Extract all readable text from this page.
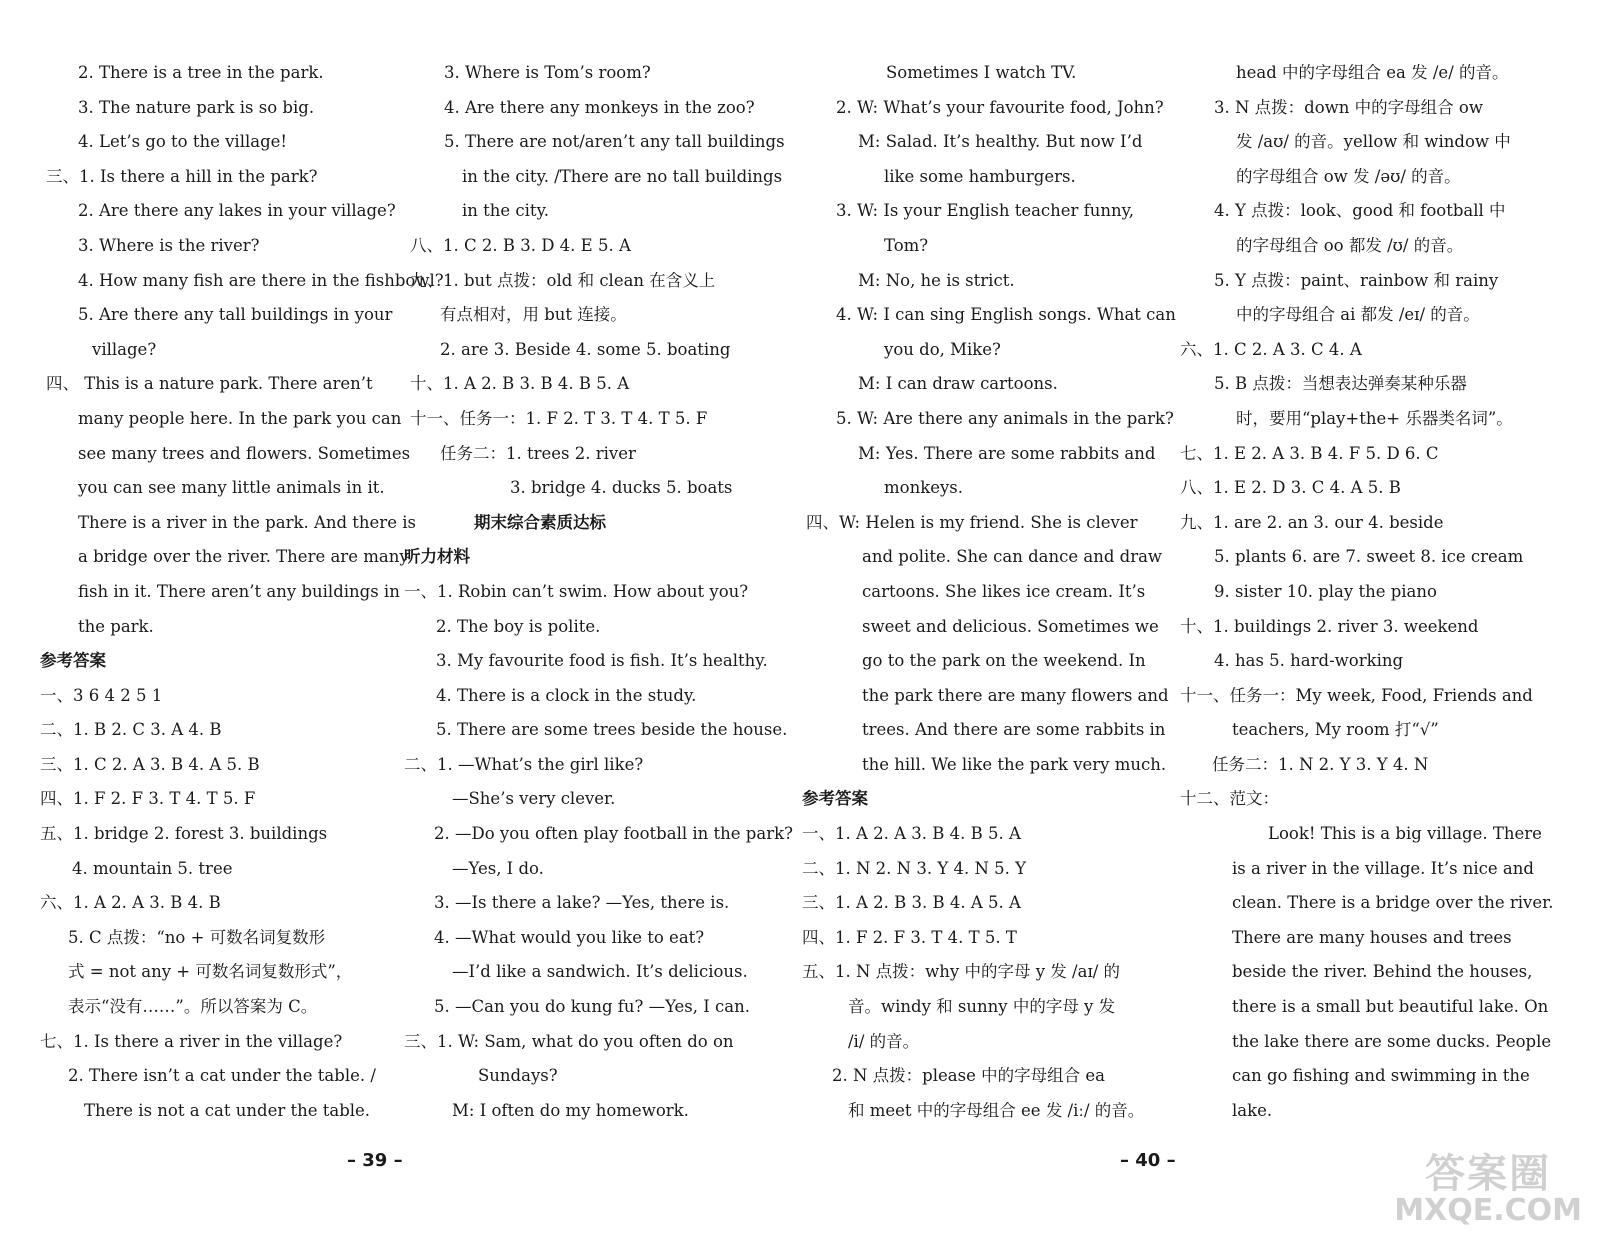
2. There is a tree in the park.
3. The nature park is so big.
4. Let’s go to the village!
三、1. Is there a hill in the park?
2. Are there any lakes in your village?
3. Where is the river?
4. How many fish are there in the fishbowl?
5. Are there any tall buildings in your
village?
四、 This is a nature park. There aren’t
many people here. In the park you can
see many trees and flowers. Sometimes
you can see many little animals in it.
There is a river in the park. And there is
a bridge over the river. There are many
fish in it. There aren’t any buildings in
the park.
参考答案
一、3 6 4 2 5 1
二、1. B 2. C 3. A 4. B
三、1. C 2. A 3. B 4. A 5. B
四、1. F 2. F 3. T 4. T 5. F
五、1. bridge 2. forest 3. buildings
4. mountain 5. tree
六、1. A 2. A 3. B 4. B
5. C 点拨：“no + 可数名词复数形
式 = not any + 可数名词复数形式”，
表示“没有……”。所以答案为 C。
七、1. Is there a river in the village?
2. There isn’t a cat under the table. /
There is not a cat under the table.
3. Where is Tom’s room?
4. Are there any monkeys in the zoo?
5. There are not/aren’t any tall buildings
in the city. /There are no tall buildings
in the city.
八、1. C 2. B 3. D 4. E 5. A
九、1. but 点拨：old 和 clean 在含义上
有点相对，用 but 连接。
2. are 3. Beside 4. some 5. boating
十、1. A 2. B 3. B 4. B 5. A
十一、任务一：1. F 2. T 3. T 4. T 5. F
任务二：1. trees 2. river
3. bridge 4. ducks 5. boats
期末综合素质达标
听力材料
一、1. Robin can’t swim. How about you?
2. The boy is polite.
3. My favourite food is fish. It’s healthy.
4. There is a clock in the study.
5. There are some trees beside the house.
二、1. —What’s the girl like?
—She’s very clever.
2. —Do you often play football in the park?
—Yes, I do.
3. —Is there a lake? —Yes, there is.
4. —What would you like to eat?
—I’d like a sandwich. It’s delicious.
5. —Can you do kung fu? —Yes, I can.
三、1. W: Sam, what do you often do on
Sundays?
M: I often do my homework.
Sometimes I watch TV.
2. W: What’s your favourite food, John?
M: Salad. It’s healthy. But now I’d
like some hamburgers.
3. W: Is your English teacher funny,
Tom?
M: No, he is strict.
4. W: I can sing English songs. What can
you do, Mike?
M: I can draw cartoons.
5. W: Are there any animals in the park?
M: Yes. There are some rabbits and
monkeys.
四、W: Helen is my friend. She is clever
and polite. She can dance and draw
cartoons. She likes ice cream. It’s
sweet and delicious. Sometimes we
go to the park on the weekend. In
the park there are many flowers and
trees. And there are some rabbits in
the hill. We like the park very much.
参考答案
一、1. A 2. A 3. B 4. B 5. A
二、1. N 2. N 3. Y 4. N 5. Y
三、1. A 2. B 3. B 4. A 5. A
四、1. F 2. F 3. T 4. T 5. T
五、1. N 点拨：why 中的字母 y 发 /aɪ/ 的
音。windy 和 sunny 中的字母 y 发
/i/ 的音。
2. N 点拨：please 中的字母组合 ea
和 meet 中的字母组合 ee 发 /iː/ 的音。
head 中的字母组合 ea 发 /e/ 的音。
3. N 点拨：down 中的字母组合 ow
发 /aʊ/ 的音。yellow 和 window 中
的字母组合 ow 发 /əʊ/ 的音。
4. Y 点拨：look、good 和 football 中
的字母组合 oo 都发 /ʊ/ 的音。
5. Y 点拨：paint、rainbow 和 rainy
中的字母组合 ai 都发 /eɪ/ 的音。
六、1. C 2. A 3. C 4. A
5. B 点拨：当想表达弹奏某种乐器
时，要用“play+the+ 乐器类名词”。
七、1. E 2. A 3. B 4. F 5. D 6. C
八、1. E 2. D 3. C 4. A 5. B
九、1. are 2. an 3. our 4. beside
5. plants 6. are 7. sweet 8. ice cream
9. sister 10. play the piano
十、1. buildings 2. river 3. weekend
4. has 5. hard-working
十一、任务一：My week, Food, Friends and
teachers, My room 打“√”
任务二：1. N 2. Y 3. Y 4. N
十二、范文：
Look! This is a big village. There
is a river in the village. It’s nice and
clean. There is a bridge over the river.
There are many houses and trees
beside the river. Behind the houses,
there is a small but beautiful lake. On
the lake there are some ducks. People
can go fishing and swimming in the
lake.
– 39 –	– 40 –	答案圈
MXQE.COM
